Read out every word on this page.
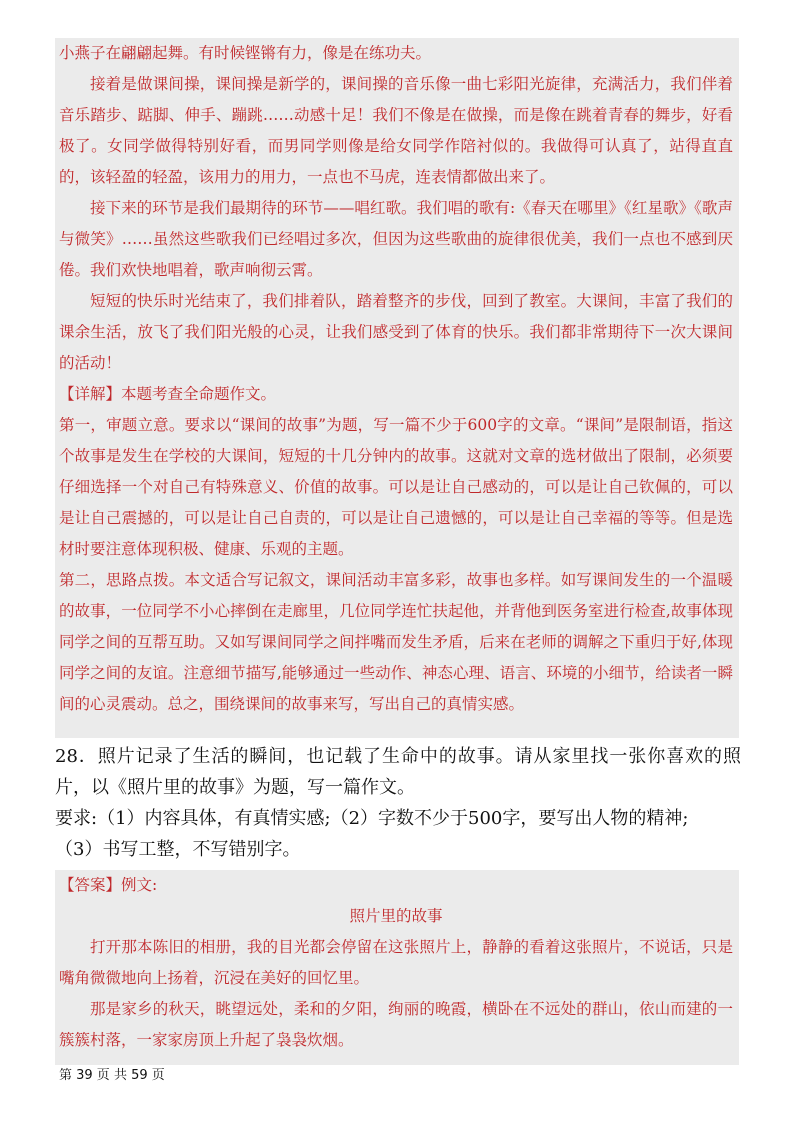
小燕子在翩翩起舞。有时候铿锵有力，像是在练功夫。

接着是做课间操，课间操是新学的，课间操的音乐像一曲七彩阳光旋律，充满活力，我们伴着音乐踏步、踮脚、伸手、蹦跳……动感十足！我们不像是在做操，而是像在跳着青春的舞步，好看极了。女同学做得特别好看，而男同学则像是给女同学作陪衬似的。我做得可认真了，站得直直的，该轻盈的轻盈，该用力的用力，一点也不马虎，连表情都做出来了。

接下来的环节是我们最期待的环节——唱红歌。我们唱的歌有:《春天在哪里》《红星歌》《歌声与微笑》……虽然这些歌我们已经唱过多次，但因为这些歌曲的旋律很优美，我们一点也不感到厌倦。我们欢快地唱着，歌声响彻云霄。

短短的快乐时光结束了，我们排着队，踏着整齐的步伐，回到了教室。大课间，丰富了我们的课余生活，放飞了我们阳光般的心灵，让我们感受到了体育的快乐。我们都非常期待下一次大课间的活动！

【详解】本题考查全命题作文。

第一，审题立意。要求以“课间的故事”为题，写一篇不少于600字的文章。“课间”是限制语，指这个故事是发生在学校的大课间，短短的十几分钟内的故事。这就对文章的选材做出了限制，必须要仔细选择一个对自己有特殊意义、价值的故事。可以是让自己感动的，可以是让自己钦佩的，可以是让自己震撼的，可以是让自己自责的，可以是让自己遗憾的，可以是让自己幸福的等等。但是选材时要注意体现积极、健康、乐观的主题。

第二，思路点拨。本文适合写记叙文，课间活动丰富多彩，故事也多样。如写课间发生的一个温暖的故事，一位同学不小心摔倒在走廊里，几位同学连忙扶起他，并背他到医务室进行检查,故事体现同学之间的互帮互助。又如写课间同学之间拌嘴而发生矛盾，后来在老师的调解之下重归于好,体现同学之间的友谊。注意细节描写,能够通过一些动作、神态心理、语言、环境的小细节，给读者一瞬间的心灵震动。总之，围绕课间的故事来写，写出自己的真情实感。

28．照片记录了生活的瞬间，也记载了生命中的故事。请从家里找一张你喜欢的照片，以《照片里的故事》为题，写一篇作文。

要求:（1）内容具体，有真情实感;（2）字数不少于500字，要写出人物的精神;

（3）书写工整，不写错别字。

【答案】例文:

照片里的故事

打开那本陈旧的相册，我的目光都会停留在这张照片上，静静的看着这张照片，不说话，只是嘴角微微地向上扬着，沉浸在美好的回忆里。

那是家乡的秋天，眺望远处，柔和的夕阳，绚丽的晚霞，横卧在不远处的群山，依山而建的一簇簇村落，一家家房顶上升起了袅袅炊烟。

第 39 页 共 59 页
